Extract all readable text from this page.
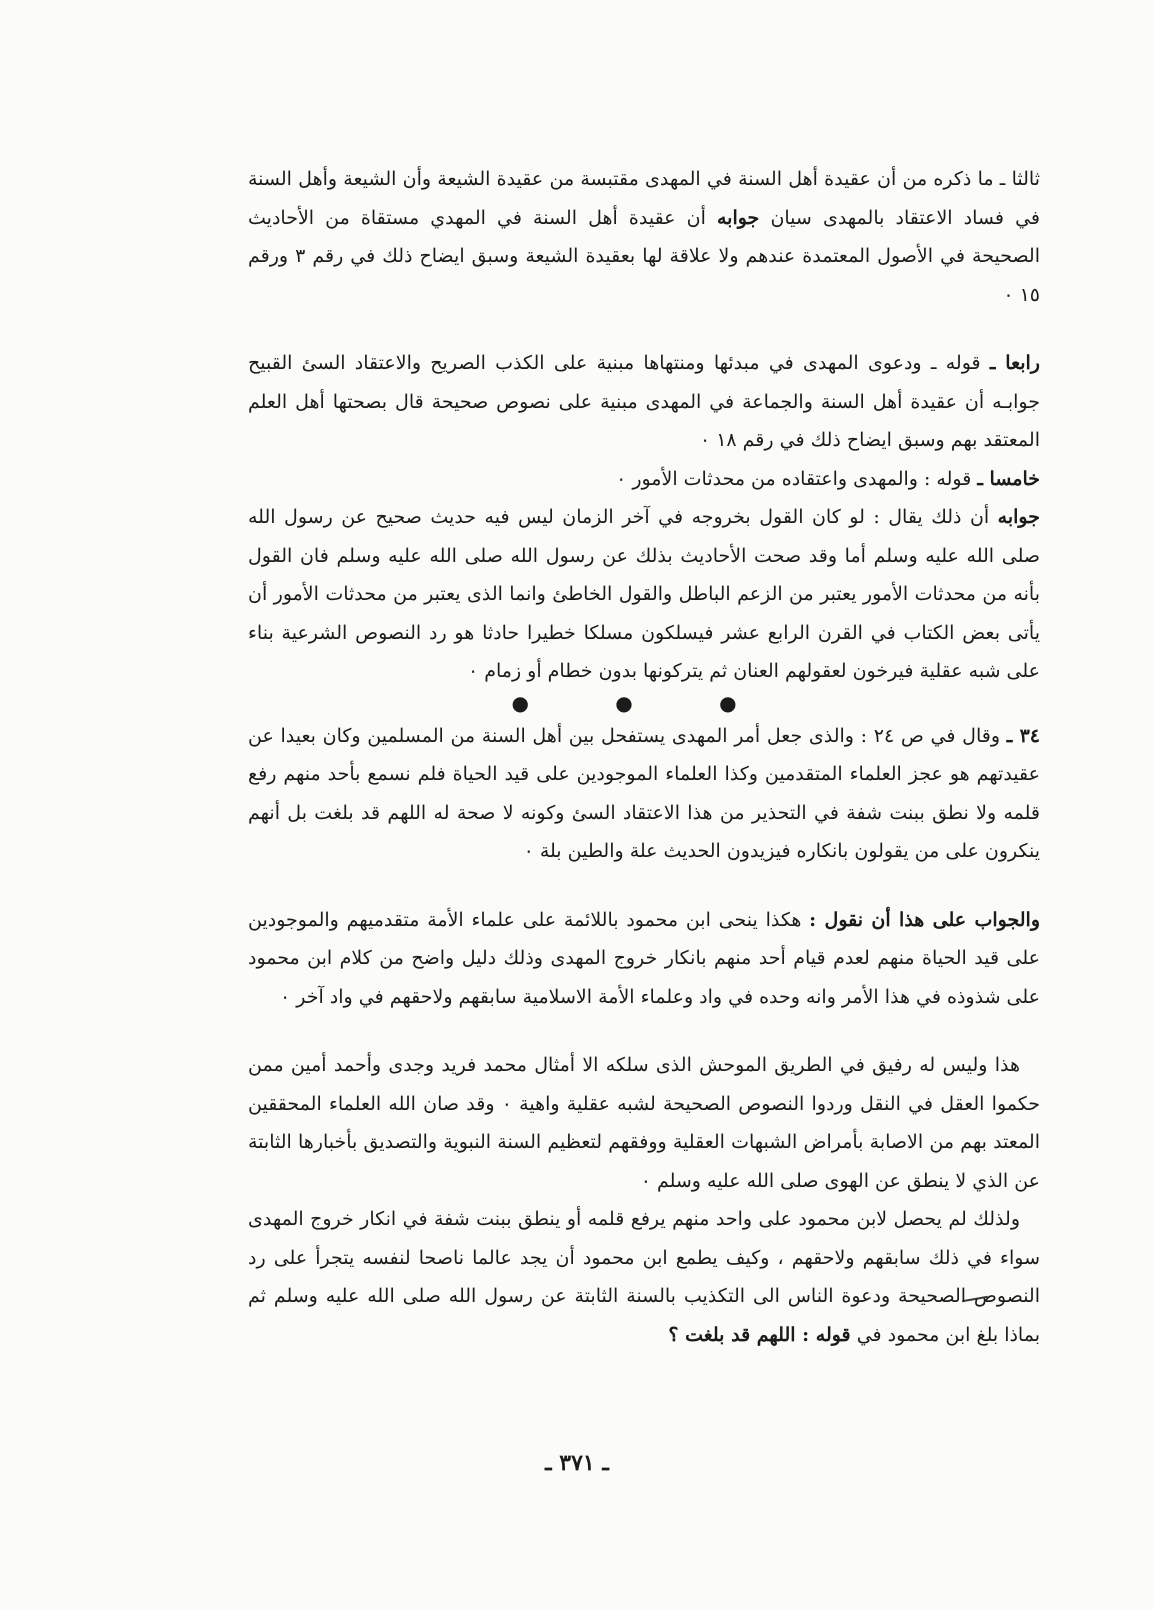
ثالثا ـ ما ذكره من أن عقيدة أهل السنة في المهدى مقتبسة من عقيدة الشيعة وأن الشيعة وأهل السنة في فساد الاعتقاد بالمهدى سيان جوابه أن عقيدة أهل السنة في المهدي مستقاة من الأحاديث الصحيحة في الأصول المعتمدة عندهم ولا علاقة لها بعقيدة الشيعة وسبق ايضاح ذلك في رقم ٣ ورقم ١٥ ٠

رابعا ـ قوله ـ ودعوى المهدى في مبدئها ومنتهاها مبنية على الكذب الصريح والاعتقاد السئ القبيح جوابـه أن عقيدة أهل السنة والجماعة في المهدى مبنية على نصوص صحيحة قال بصحتها أهل العلم المعتقد بهم وسبق ايضاح ذلك في رقم ١٨ ٠

خامسا ـ قوله : والمهدى واعتقاده من محدثات الأمور ٠

جوابه أن ذلك يقال : لو كان القول بخروجه في آخر الزمان ليس فيه حديث صحيح عن رسول الله صلى الله عليه وسلم أما وقد صحت الأحاديث بذلك عن رسول الله صلى الله عليه وسلم فان القول بأنه من محدثات الأمور يعتبر من الزعم الباطل والقول الخاطئ وانما الذى يعتبر من محدثات الأمور أن يأتى بعض الكتاب في القرن الرابع عشر فيسلكون مسلكا خطيرا حادثا هو رد النصوص الشرعية بناء على شبه عقلية فيرخون لعقولهم العنان ثم يتركونها بدون خطام أو زمام ٠

● ● ●

٣٤ ـ وقال في ص ٢٤ : والذى جعل أمر المهدى يستفحل بين أهل السنة من المسلمين وكان بعيدا عن عقيدتهم هو عجز العلماء المتقدمين وكذا العلماء الموجودين على قيد الحياة فلم نسمع بأحد منهم رفع قلمه ولا نطق ببنت شفة في التحذير من هذا الاعتقاد السئ وكونه لا صحة له اللهم قد بلغت بل أنهم ينكرون على من يقولون بانكاره فيزيدون الحديث علة والطين بلة ٠

والجواب على هذا أن نقول : هكذا ينحى ابن محمود باللائمة على علماء الأمة متقدميهم والموجودين على قيد الحياة منهم لعدم قيام أحد منهم بانكار خروج المهدى وذلك دليل واضح من كلام ابن محمود على شذوذه في هذا الأمر وانه وحده في واد وعلماء الأمة الاسلامية سابقهم ولاحقهم في واد آخر ٠

هذا وليس له رفيق في الطريق الموحش الذى سلكه الا أمثال محمد فريد وجدى وأحمد أمين ممن حكموا العقل في النقل وردوا النصوص الصحيحة لشبه عقلية واهية ٠ وقد صان الله العلماء المحققين المعتد بهم من الاصابة بأمراض الشبهات العقلية ووفقهم لتعظيم السنة النبوية والتصديق بأخبارها الثابتة عن الذي لا ينطق عن الهوى صلى الله عليه وسلم ٠

ولذلك لم يحصل لابن محمود على واحد منهم يرفع قلمه أو ينطق ببنت شفة في انكار خروج المهدى سواء في ذلك سابقهم ولاحقهم ، وكيف يطمع ابن محمود أن يجد عالما ناصحا لنفسه يتجرأ على رد النصوص الصحيحة ودعوة الناس الى التكذيب بالسنة الثابتة عن رسول الله صلى الله عليه وسلم ثم بماذا بلغ ابن محمود في قوله : اللهم قد بلغت ؟

ـ ٣٧١ ـ
